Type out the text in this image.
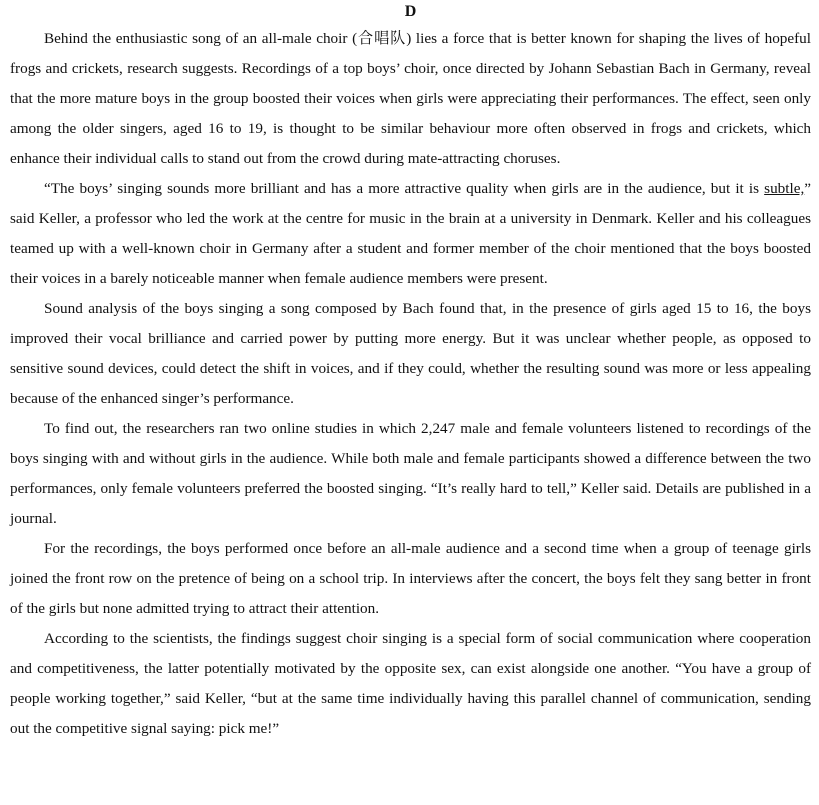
D

Behind the enthusiastic song of an all-male choir (合唱队) lies a force that is better known for shaping the lives of hopeful frogs and crickets, research suggests. Recordings of a top boys’ choir, once directed by Johann Sebastian Bach in Germany, reveal that the more mature boys in the group boosted their voices when girls were appreciating their performances. The effect, seen only among the older singers, aged 16 to 19, is thought to be similar behaviour more often observed in frogs and crickets, which enhance their individual calls to stand out from the crowd during mate-attracting choruses.

“The boys’ singing sounds more brilliant and has a more attractive quality when girls are in the audience, but it is subtle,” said Keller, a professor who led the work at the centre for music in the brain at a university in Denmark. Keller and his colleagues teamed up with a well-known choir in Germany after a student and former member of the choir mentioned that the boys boosted their voices in a barely noticeable manner when female audience members were present.

Sound analysis of the boys singing a song composed by Bach found that, in the presence of girls aged 15 to 16, the boys improved their vocal brilliance and carried power by putting more energy. But it was unclear whether people, as opposed to sensitive sound devices, could detect the shift in voices, and if they could, whether the resulting sound was more or less appealing because of the enhanced singer’s performance.

To find out, the researchers ran two online studies in which 2,247 male and female volunteers listened to recordings of the boys singing with and without girls in the audience. While both male and female participants showed a difference between the two performances, only female volunteers preferred the boosted singing. “It’s really hard to tell,” Keller said. Details are published in a journal.

For the recordings, the boys performed once before an all-male audience and a second time when a group of teenage girls joined the front row on the pretence of being on a school trip. In interviews after the concert, the boys felt they sang better in front of the girls but none admitted trying to attract their attention.

According to the scientists, the findings suggest choir singing is a special form of social communication where cooperation and competitiveness, the latter potentially motivated by the opposite sex, can exist alongside one another. “You have a group of people working together,” said Keller, “but at the same time individually having this parallel channel of communication, sending out the competitive signal saying: pick me!”
